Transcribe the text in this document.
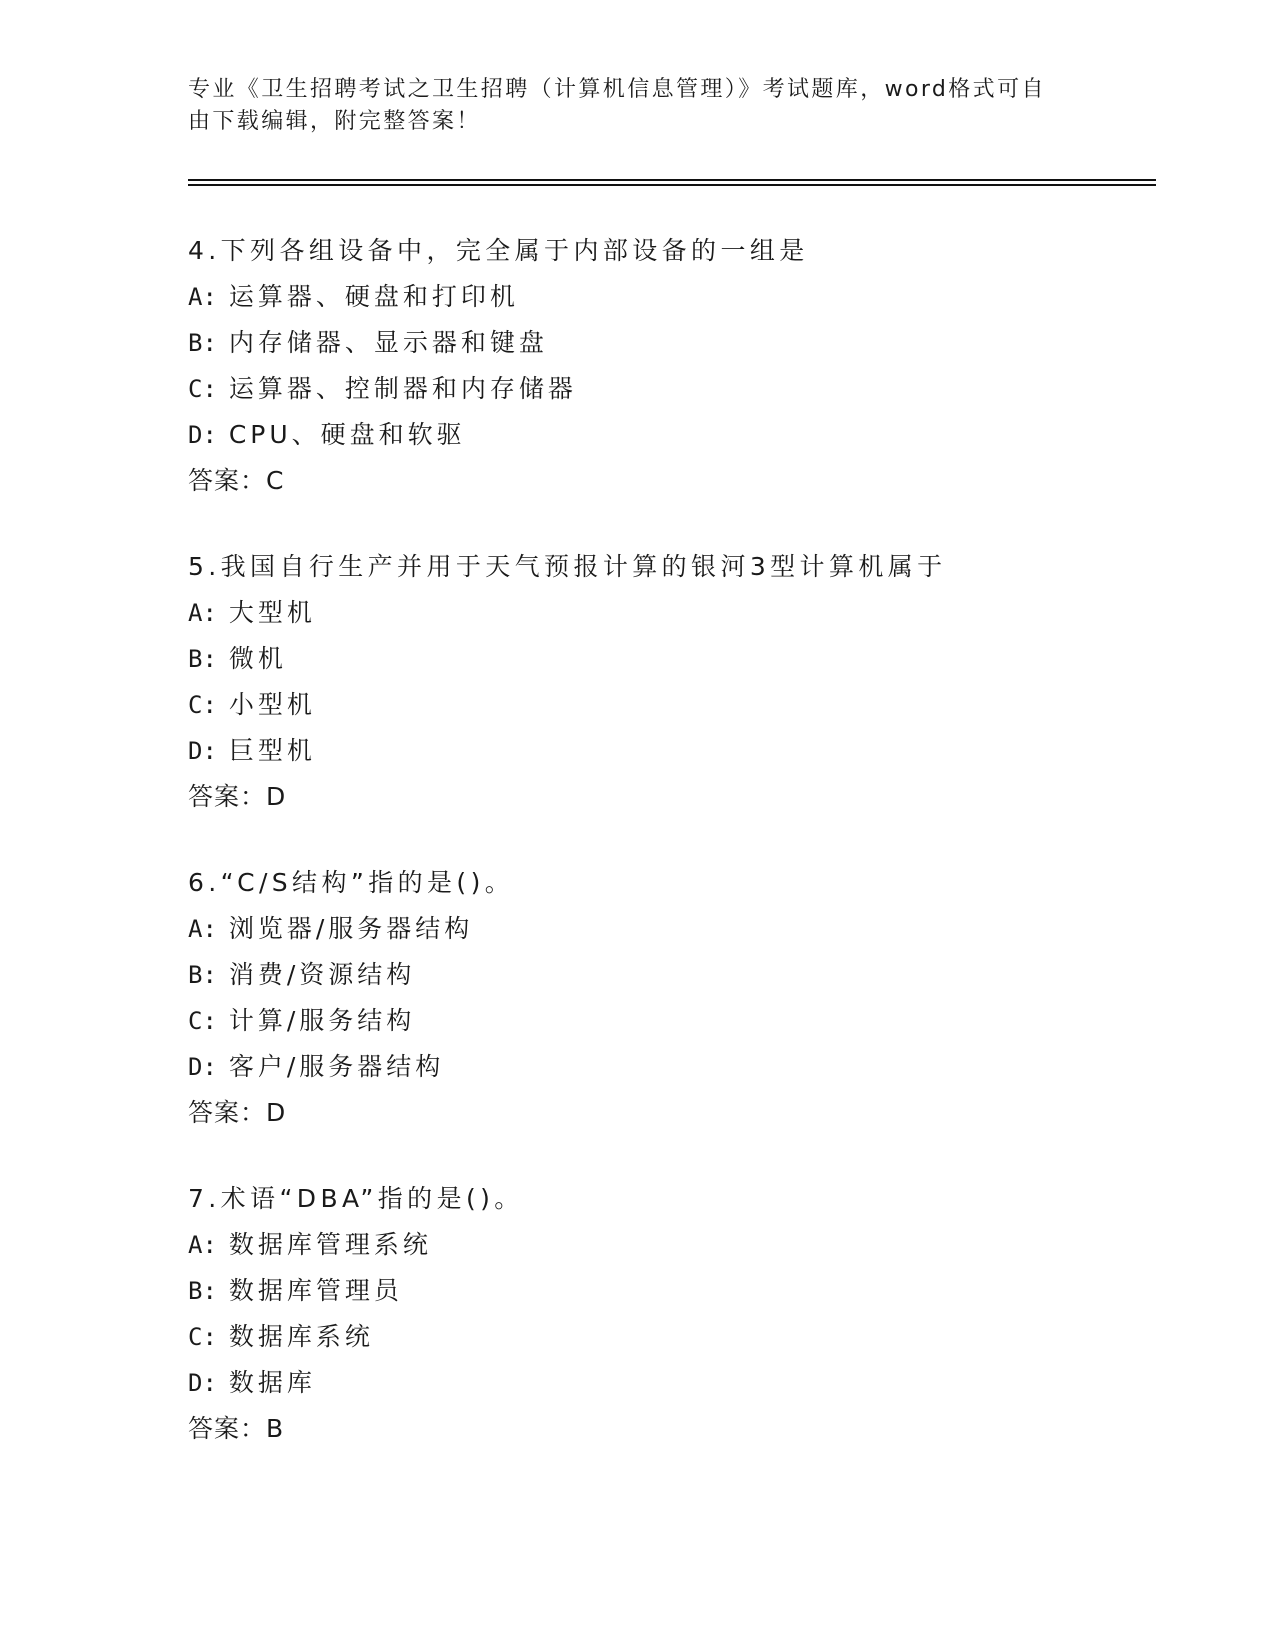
专业《卫生招聘考试之卫生招聘（计算机信息管理）》考试题库，word格式可自由下载编辑，附完整答案！
4.下列各组设备中，完全属于内部设备的一组是
A: 运算器、硬盘和打印机
B: 内存储器、显示器和键盘
C: 运算器、控制器和内存储器
D: CPU、硬盘和软驱
答案：C
5.我国自行生产并用于天气预报计算的银河3型计算机属于
A: 大型机
B: 微机
C: 小型机
D: 巨型机
答案：D
6.“C/S结构”指的是()。
A: 浏览器/服务器结构
B: 消费/资源结构
C: 计算/服务结构
D: 客户/服务器结构
答案：D
7.术语“DBA”指的是()。
A: 数据库管理系统
B: 数据库管理员
C: 数据库系统
D: 数据库
答案：B
